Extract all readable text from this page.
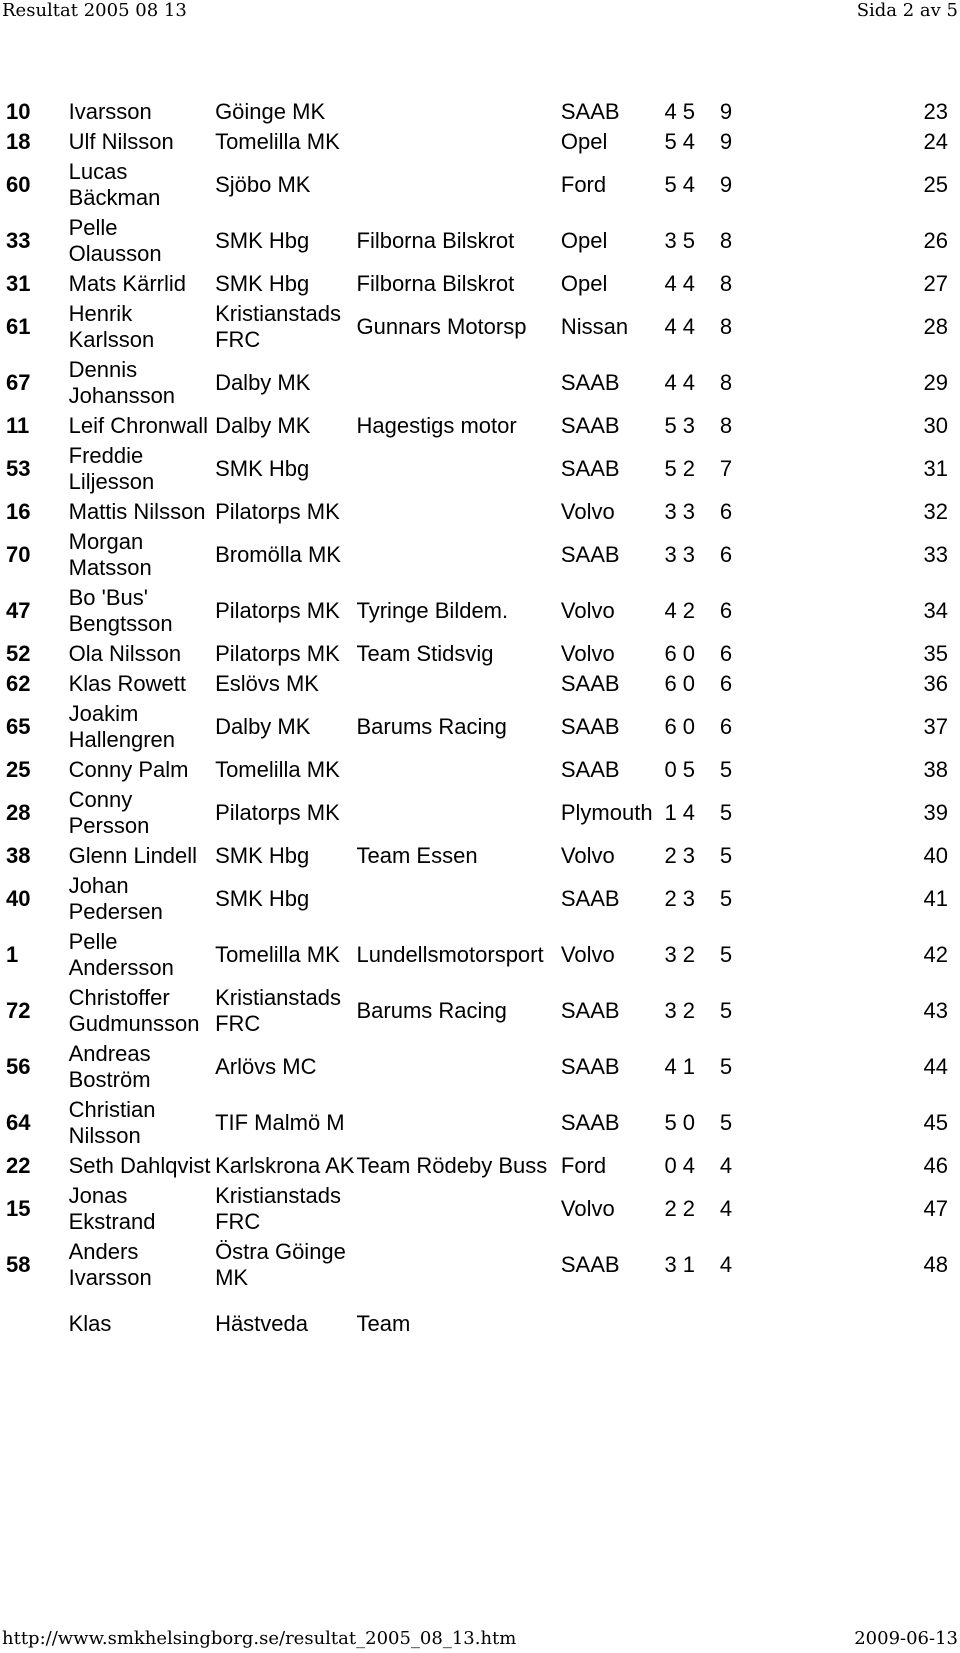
Resultat 2005 08 13	Sida 2 av 5
10	Ivarsson	Göinge MK		SAAB	4 5	9	23
18	Ulf Nilsson	Tomelilla MK		Opel	5 4	9	24
60	Lucas Bäckman	Sjöbo MK		Ford	5 4	9	25
33	Pelle Olausson	SMK Hbg	Filborna Bilskrot	Opel	3 5	8	26
31	Mats Kärrlid	SMK Hbg	Filborna Bilskrot	Opel	4 4	8	27
61	Henrik Karlsson	Kristianstads FRC	Gunnars Motorsp	Nissan	4 4	8	28
67	Dennis Johansson	Dalby MK		SAAB	4 4	8	29
11	Leif Chronwall	Dalby MK	Hagestigs motor	SAAB	5 3	8	30
53	Freddie Liljesson	SMK Hbg		SAAB	5 2	7	31
16	Mattis Nilsson	Pilatorps MK		Volvo	3 3	6	32
70	Morgan Matsson	Bromölla MK		SAAB	3 3	6	33
47	Bo 'Bus' Bengtsson	Pilatorps MK	Tyringe Bildem.	Volvo	4 2	6	34
52	Ola Nilsson	Pilatorps MK	Team Stidsvig	Volvo	6 0	6	35
62	Klas Rowett	Eslövs MK		SAAB	6 0	6	36
65	Joakim Hallengren	Dalby MK	Barums Racing	SAAB	6 0	6	37
25	Conny Palm	Tomelilla MK		SAAB	0 5	5	38
28	Conny Persson	Pilatorps MK		Plymouth	1 4	5	39
38	Glenn Lindell	SMK Hbg	Team Essen	Volvo	2 3	5	40
40	Johan Pedersen	SMK Hbg		SAAB	2 3	5	41
1	Pelle Andersson	Tomelilla MK	Lundellsmotorsport	Volvo	3 2	5	42
72	Christoffer Gudmunsson	Kristianstads FRC	Barums Racing	SAAB	3 2	5	43
56	Andreas Boström	Arlövs MC		SAAB	4 1	5	44
64	Christian Nilsson	TIF Malmö M		SAAB	5 0	5	45
22	Seth Dahlqvist	Karlskrona AK	Team Rödeby Buss	Ford	0 4	4	46
15	Jonas Ekstrand	Kristianstads FRC		Volvo	2 2	4	47
58	Anders Ivarsson	Östra Göinge MK		SAAB	3 1	4	48
	Klas	Hästveda	Team				
http://www.smkhelsingborg.se/resultat_2005_08_13.htm	2009-06-13
